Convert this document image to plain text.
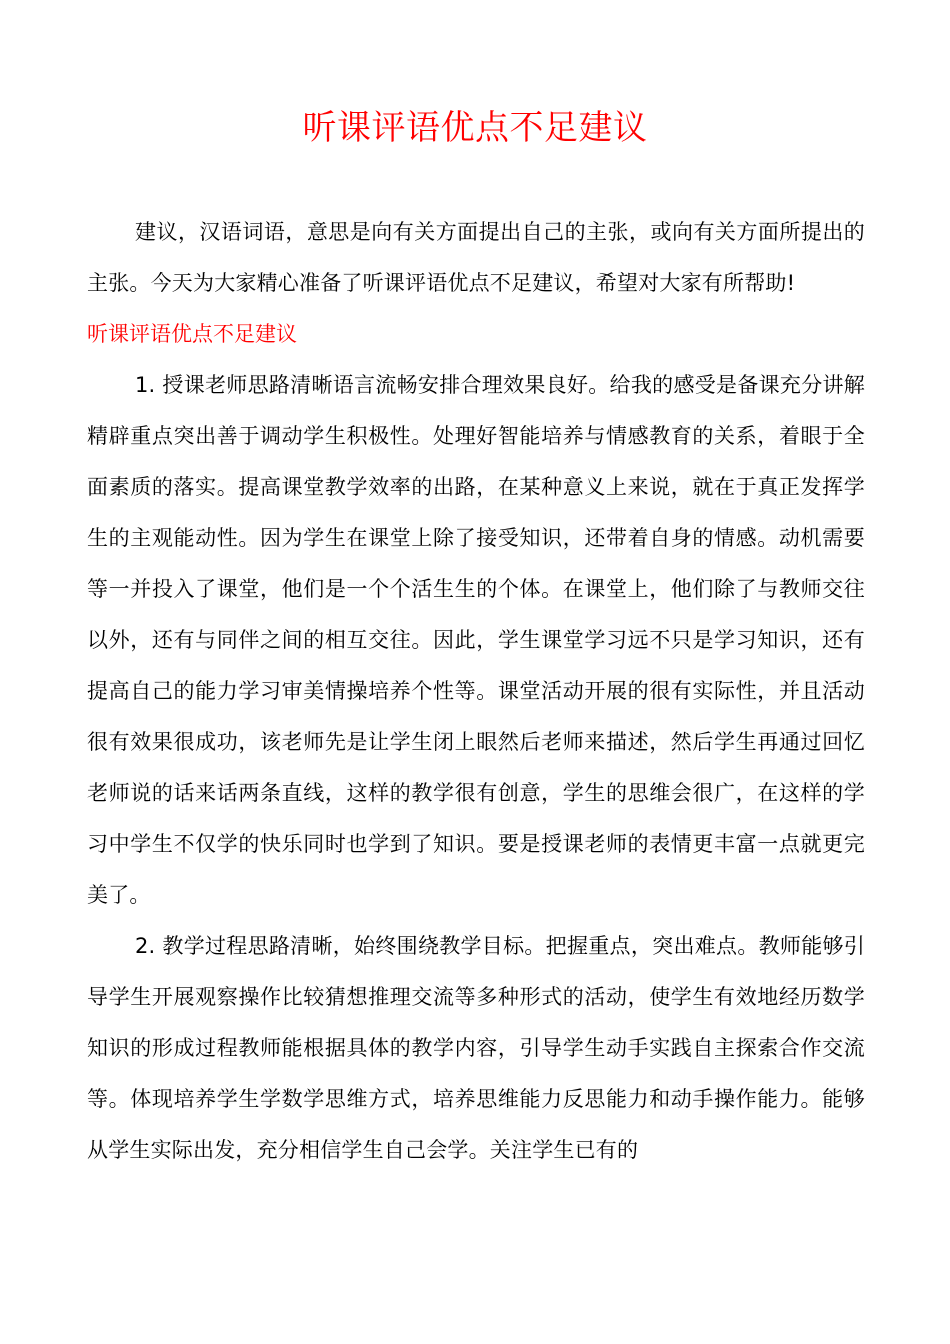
听课评语优点不足建议

建议，汉语词语，意思是向有关方面提出自己的主张，或向有关方面所提出的主张。今天为大家精心准备了听课评语优点不足建议，希望对大家有所帮助!

听课评语优点不足建议

1. 授课老师思路清晰语言流畅安排合理效果良好。给我的感受是备课充分讲解精辟重点突出善于调动学生积极性。处理好智能培养与情感教育的关系，着眼于全面素质的落实。提高课堂教学效率的出路，在某种意义上来说，就在于真正发挥学生的主观能动性。因为学生在课堂上除了接受知识，还带着自身的情感。动机需要等一并投入了课堂，他们是一个个活生生的个体。在课堂上，他们除了与教师交往以外，还有与同伴之间的相互交往。因此，学生课堂学习远不只是学习知识，还有提高自己的能力学习审美情操培养个性等。课堂活动开展的很有实际性，并且活动很有效果很成功，该老师先是让学生闭上眼然后老师来描述，然后学生再通过回忆老师说的话来话两条直线，这样的教学很有创意，学生的思维会很广，在这样的学习中学生不仅学的快乐同时也学到了知识。要是授课老师的表情更丰富一点就更完美了。

2. 教学过程思路清晰，始终围绕教学目标。把握重点，突出难点。教师能够引导学生开展观察操作比较猜想推理交流等多种形式的活动，使学生有效地经历数学知识的形成过程教师能根据具体的教学内容，引导学生动手实践自主探索合作交流等。体现培养学生学数学思维方式，培养思维能力反思能力和动手操作能力。能够从学生实际出发，充分相信学生自己会学。关注学生已有的
